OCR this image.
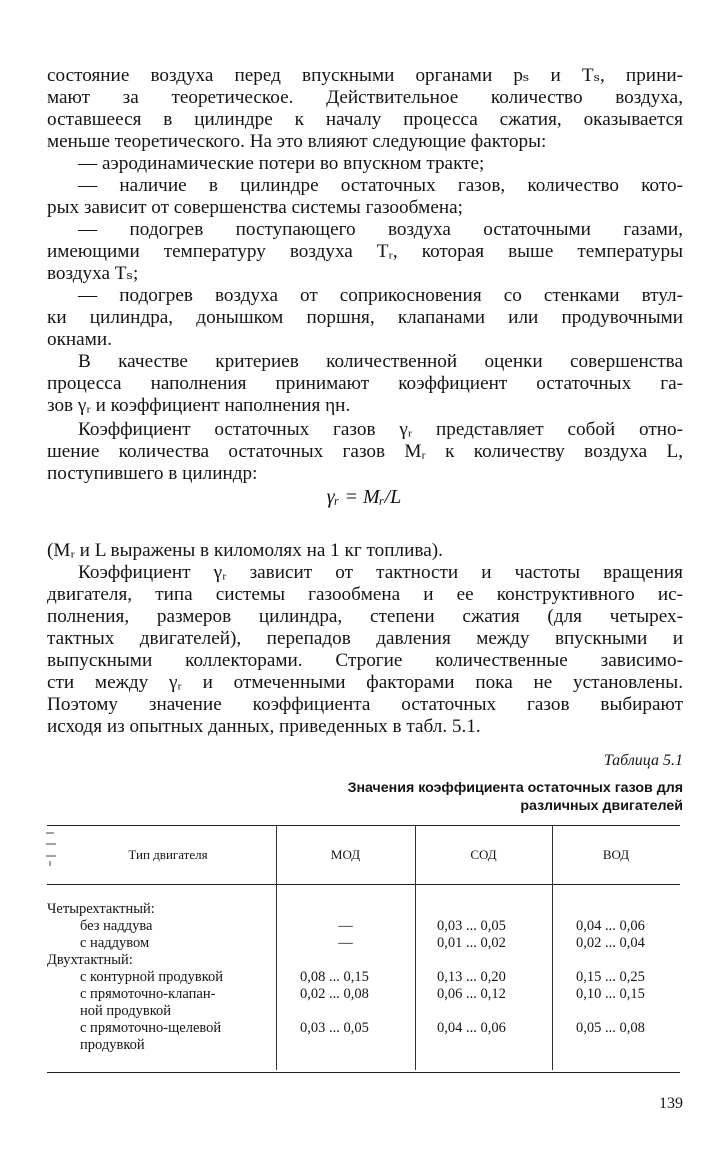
состояние воздуха перед впускными органами pₛ и Tₛ, прини-
мают за теоретическое. Действительное количество воздуха,
оставшееся в цилиндре к началу процесса сжатия, оказывается
меньше теоретического. На это влияют следующие факторы:
— аэродинамические потери во впускном тракте;
— наличие в цилиндре остаточных газов, количество кото-
рых зависит от совершенства системы газообмена;
— подогрев поступающего воздуха остаточными газами,
имеющими температуру воздуха Tᵣ, которая выше температуры
воздуха Tₛ;
— подогрев воздуха от соприкосновения со стенками втул-
ки цилиндра, донышком поршня, клапанами или продувочными
окнами.
В качестве критериев количественной оценки совершенства
процесса наполнения принимают коэффициент остаточных га-
зов γᵣ и коэффициент наполнения ηн.
Коэффициент остаточных газов γᵣ представляет собой отно-
шение количества остаточных газов Mᵣ к количеству воздуха L,
поступившего в цилиндр:
γᵣ = Mᵣ/L
(Mᵣ и L выражены в киломолях на 1 кг топлива).
Коэффициент γᵣ зависит от тактности и частоты вращения
двигателя, типа системы газообмена и ее конструктивного ис-
полнения, размеров цилиндра, степени сжатия (для четырех-
тактных двигателей), перепадов давления между впускными и
выпускными коллекторами. Строгие количественные зависимо-
сти между γᵣ и отмеченными факторами пока не установлены.
Поэтому значение коэффициента остаточных газов выбирают
исходя из опытных данных, приведенных в табл. 5.1.
Таблица 5.1
Значения коэффициента остаточных газов для
различных двигателей
Тип двигателя	МОД	СОД	ВОД
Четырехтактный:
без наддува	—	0,03 ... 0,05	0,04 ... 0,06
с наддувом	—	0,01 ... 0,02	0,02 ... 0,04
Двухтактный:
с контурной продувкой	0,08 ... 0,15	0,13 ... 0,20	0,15 ... 0,25
с прямоточно-клапан-	0,02 ... 0,08	0,06 ... 0,12	0,10 ... 0,15
ной продувкой
с прямоточно-щелевой	0,03 ... 0,05	0,04 ... 0,06	0,05 ... 0,08
продувкой
139
